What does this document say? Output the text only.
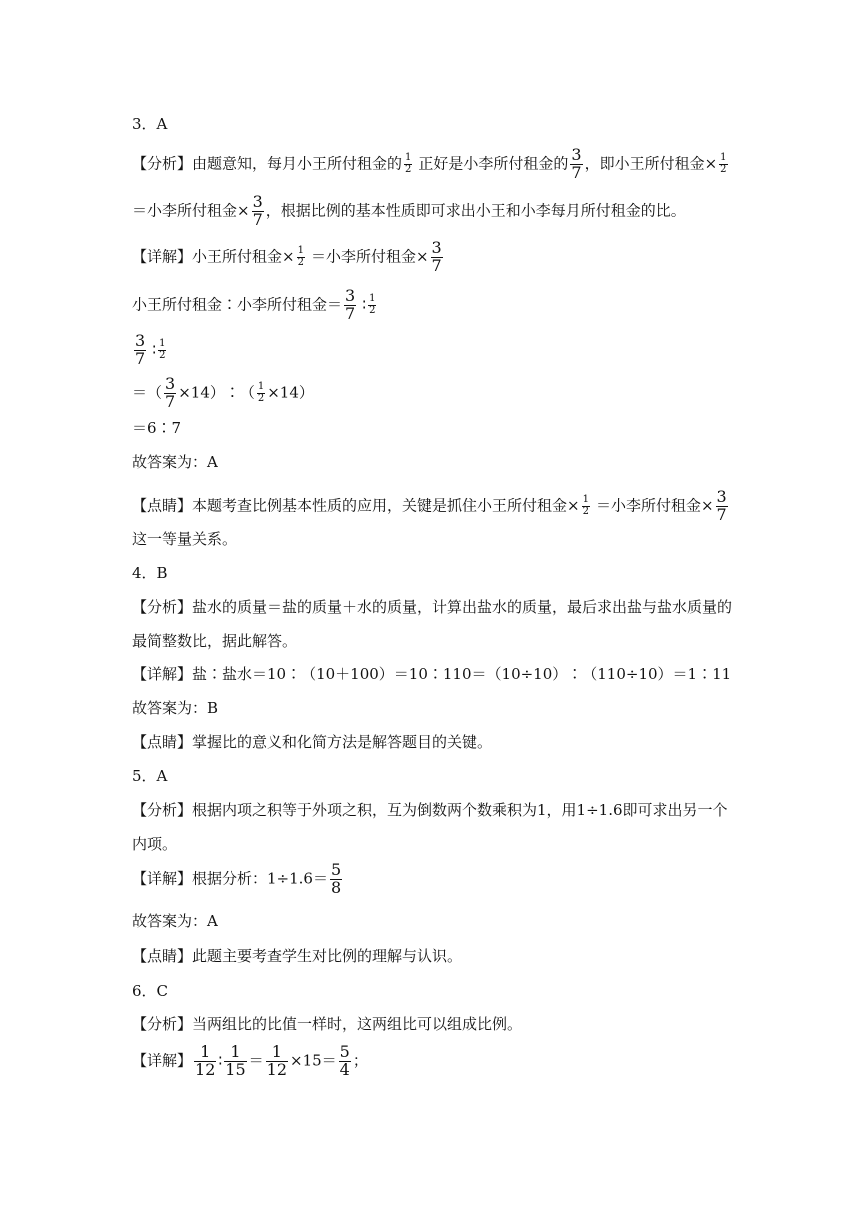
3．A
【分析】由题意知，每月小王所付租金的 $\frac{1}{2}$ 正好是小李所付租金的 $\frac{3}{7}$ ，即小王所付租金× $\frac{1}{2}$
＝小李所付租金× $\frac{3}{7}$ ，根据比例的基本性质即可求出小王和小李每月所付租金的比。
【详解】小王所付租金× $\frac{1}{2}$ ＝小李所付租金× $\frac{3}{7}$
小王所付租金∶小李所付租金＝ $\frac{3}{7}$ ∶ $\frac{1}{2}$
$\frac{3}{7}$ ∶ $\frac{1}{2}$
＝（ $\frac{3}{7}$ ×14）∶（ $\frac{1}{2} \times 14$）
＝6∶7
故答案为：A
【点睛】本题考查比例基本性质的应用，关键是抓住小王所付租金× $\frac{1}{2}$ ＝小李所付租金× $\frac{3}{7}$
这一等量关系。
4．B
【分析】盐水的质量＝盐的质量＋水的质量，计算出盐水的质量，最后求出盐与盐水质量的
最简整数比，据此解答。
【详解】盐∶盐水＝10∶（10＋100）＝10∶110＝（10÷10）∶（110÷10）＝1∶11
故答案为：B
【点睛】掌握比的意义和化简方法是解答题目的关键。
5．A
【分析】根据内项之积等于外项之积，互为倒数两个数乘积为1，用1÷1.6即可求出另一个
内项。
【详解】根据分析：$1\div 1.6= \frac{5}{8}$
故答案为：A
【点睛】此题主要考查学生对比例的理解与认识。
6．C
【分析】当两组比的比值一样时，这两组比可以组成比例。
【详解】 $\frac{1}{12}$ ∶ $\frac{1}{15} = \frac{1}{12} \times 15= \frac{5}{4}$ ；
